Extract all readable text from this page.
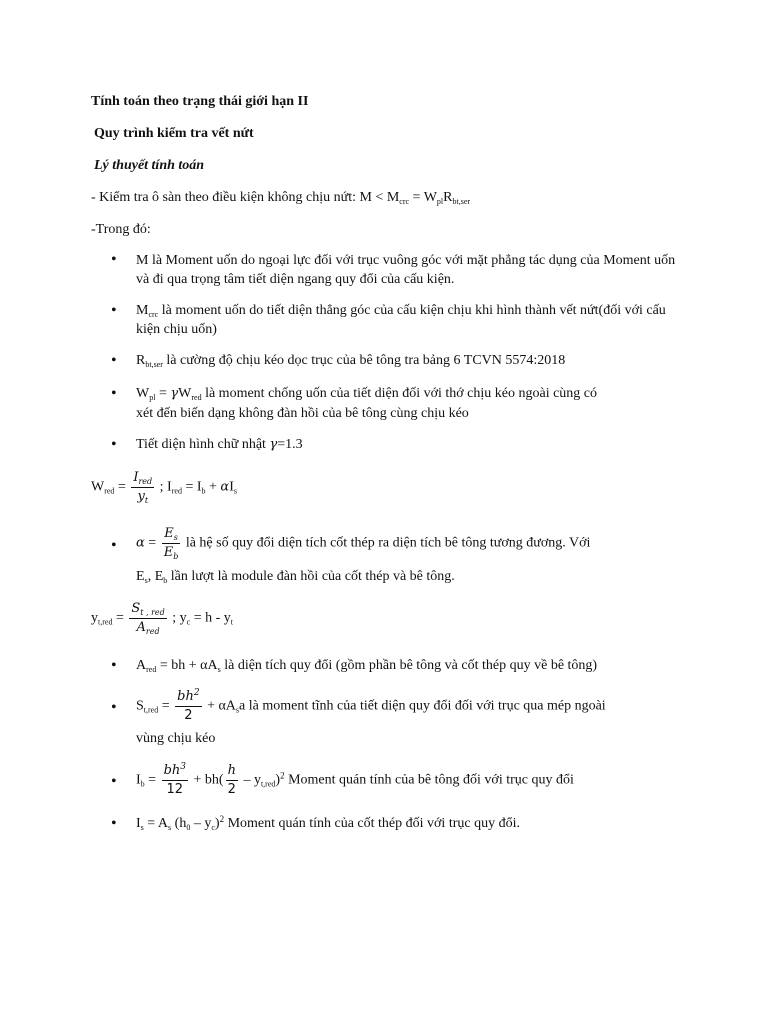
Tính toán theo trạng thái giới hạn II
Quy trình kiểm tra vết nứt
Lý thuyết tính toán
- Kiểm tra ô sàn theo điều kiện không chịu nứt: $M < M_{crc} = W_{pl}R_{bt,ser}$
-Trong đó:
• M là Moment uốn do ngoại lực đối với trục vuông góc với mặt phẳng tác dụng của Moment uốn
và đi qua trọng tâm tiết diện ngang quy đổi của cấu kiện.
• $M_{crc}$ là moment uốn do tiết diện thẳng góc của cấu kiện chịu khi hình thành vết nứt(đối với cấu
kiện chịu uốn)
• $R_{bt,ser}$ là cường độ chịu kéo dọc trục của bê tông tra bảng 6 TCVN 5574:2018
• $W_{pl} = \gamma W_{red}$ là moment chống uốn của tiết diện đối với thớ chịu kéo ngoài cùng có
xét đến biến dạng không đàn hồi của bê tông cùng chịu kéo
• Tiết diện hình chữ nhật γ=1.3
$W_{red} = \frac{I_{red}}{y_t}$ ; $I_{red} = I_b + \alpha I_s$
• $\alpha = \frac{E_s}{E_b}$ là hệ số quy đổi diện tích cốt thép ra diện tích bê tông tương đương. Với
$E_s$, $E_b$ lần lượt là module đàn hồi của cốt thép và bê tông.
$y_{t,red} = \frac{S_{t , red}}{A_{red}}$ ; $y_c = h - y_t$
• $A_{red}$ = bh + $\alpha A_s$ là diện tích quy đổi (gồm phần bê tông và cốt thép quy về bê tông)
• $S_{t,red} = \frac{bh^2}{2} + \alpha A_sa$ là moment tĩnh của tiết diện quy đổi đối với trục qua mép ngoài
vùng chịu kéo
• $I_b = \frac{bh^3}{12} + bh( \frac{h}{2} - y_{t,red})^2$ Moment quán tính của bê tông đối với trục quy đổi
• $I_s = A_s$ $(h_0 - y_c)^2$ Moment quán tính của cốt thép đối với trục quy đổi.
